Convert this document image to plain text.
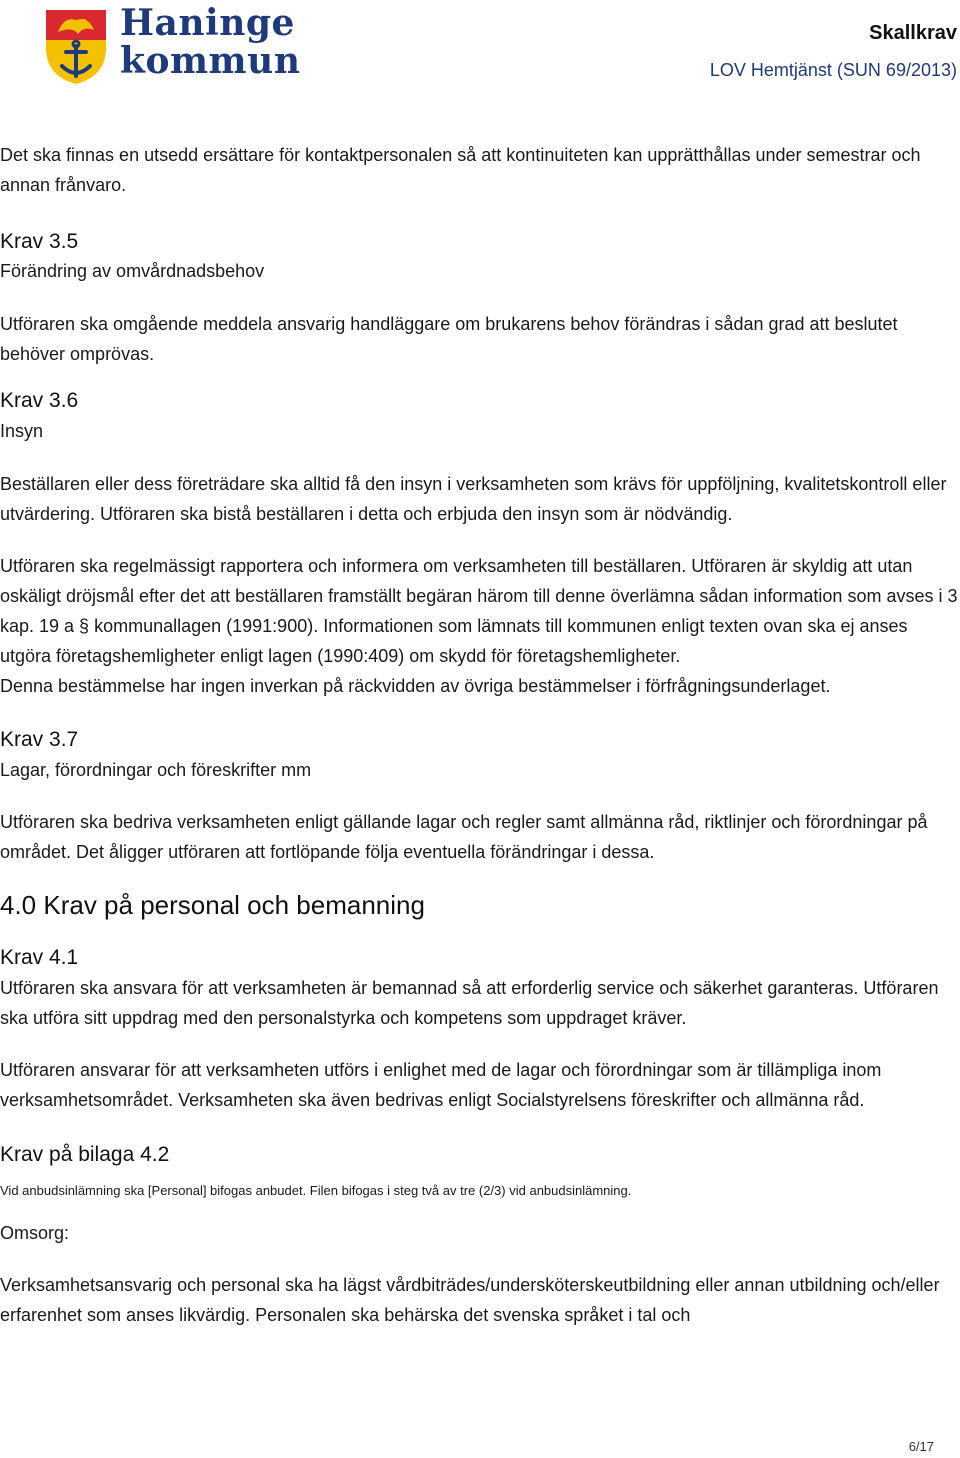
Haninge
kommun
Skallkrav
LOV Hemtjänst (SUN 69/2013)

Det ska finnas en utsedd ersättare för kontaktpersonalen så att kontinuiteten kan upprätthållas under semestrar och annan frånvaro.

Krav 3.5

Förändring av omvårdnadsbehov

Utföraren ska omgående meddela ansvarig handläggare om brukarens behov förändras i sådan grad att beslutet behöver omprövas.

Krav 3.6

Insyn

Beställaren eller dess företrädare ska alltid få den insyn i verksamheten som krävs för uppföljning, kvalitetskontroll eller utvärdering. Utföraren ska bistå beställaren i detta och erbjuda den insyn som är nödvändig.

Utföraren ska regelmässigt rapportera och informera om verksamheten till beställaren. Utföraren är skyldig att utan oskäligt dröjsmål efter det att beställaren framställt begäran härom till denne överlämna sådan information som avses i 3 kap. 19 a § kommunallagen (1991:900). Informationen som lämnats till kommunen enligt texten ovan ska ej anses utgöra företagshemligheter enligt lagen (1990:409) om skydd för företagshemligheter.

Denna bestämmelse har ingen inverkan på räckvidden av övriga bestämmelser i förfrågningsunderlaget.

Krav 3.7

Lagar, förordningar och föreskrifter mm

Utföraren ska bedriva verksamheten enligt gällande lagar och regler samt allmänna råd, riktlinjer och förordningar på området. Det åligger utföraren att fortlöpande följa eventuella förändringar i dessa.

4.0 Krav på personal och bemanning

Krav 4.1

Utföraren ska ansvara för att verksamheten är bemannad så att erforderlig service och säkerhet garanteras. Utföraren ska utföra sitt uppdrag med den personalstyrka och kompetens som uppdraget kräver.

Utföraren ansvarar för att verksamheten utförs i enlighet med de lagar och förordningar som är tillämpliga inom verksamhetsområdet. Verksamheten ska även bedrivas enligt Socialstyrelsens föreskrifter och allmänna råd.

Krav på bilaga 4.2

Vid anbudsinlämning ska [Personal] bifogas anbudet. Filen bifogas i steg två av tre (2/3) vid anbudsinlämning.

Omsorg:

Verksamhetsansvarig och personal ska ha lägst vårdbiträdes/undersköterskeutbildning eller annan utbildning och/eller erfarenhet som anses likvärdig. Personalen ska behärska det svenska språket i tal och

6/17
